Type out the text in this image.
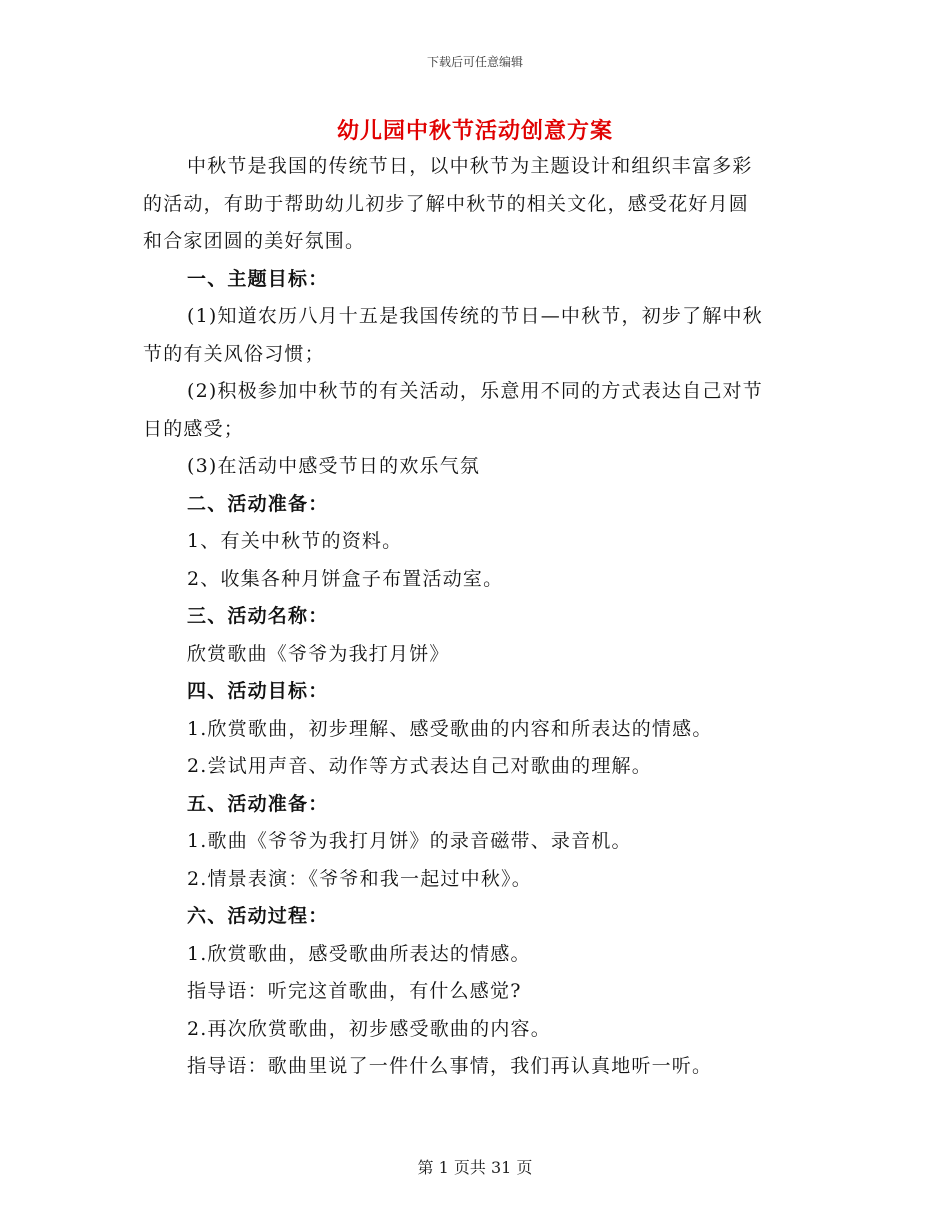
下载后可任意编辑
幼儿园中秋节活动创意方案
中秋节是我国的传统节日，以中秋节为主题设计和组织丰富多彩
的活动，有助于帮助幼儿初步了解中秋节的相关文化，感受花好月圆
和合家团圆的美好氛围。
一、主题目标：
(1)知道农历八月十五是我国传统的节日—中秋节，初步了解中秋
节的有关风俗习惯；
(2)积极参加中秋节的有关活动，乐意用不同的方式表达自己对节
日的感受；
(3)在活动中感受节日的欢乐气氛
二、活动准备：
1、有关中秋节的资料。
2、收集各种月饼盒子布置活动室。
三、活动名称：
欣赏歌曲《爷爷为我打月饼》
四、活动目标：
1.欣赏歌曲，初步理解、感受歌曲的内容和所表达的情感。
2.尝试用声音、动作等方式表达自己对歌曲的理解。
五、活动准备：
1.歌曲《爷爷为我打月饼》的录音磁带、录音机。
2.情景表演：《爷爷和我一起过中秋》。
六、活动过程：
1.欣赏歌曲，感受歌曲所表达的情感。
指导语：听完这首歌曲，有什么感觉?
2.再次欣赏歌曲，初步感受歌曲的内容。
指导语：歌曲里说了一件什么事情，我们再认真地听一听。
第 1 页共 31 页
